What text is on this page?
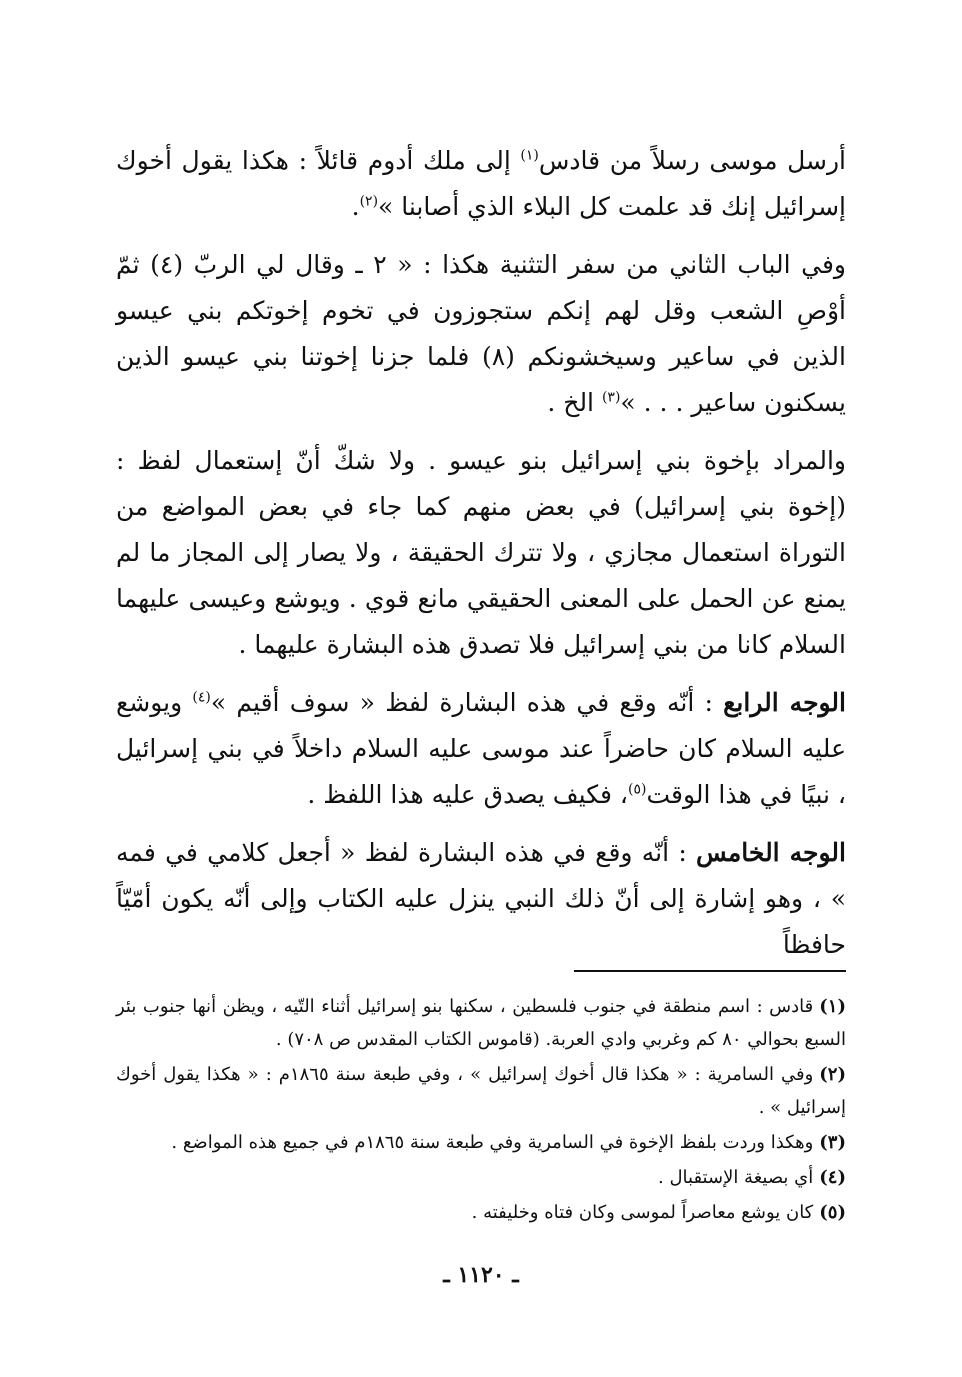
أرسل موسى رسلاً من قادس$^{(١)}$ إلى ملك أدوم قائلاً : هكذا يقول أخوك إسرائيل إنك قد علمت كل البلاء الذي أصابنا »$^{(٢)}$.

وفي الباب الثاني من سفر التثنية هكذا : « ٢ ـ وقال لي الربّ (٤) ثمّ أوْصِ الشعب وقل لهم إنكم ستجوزون في تخوم إخوتكم بني عيسو الذين في ساعير وسيخشونكم (٨) فلما جزنا إخوتنا بني عيسو الذين يسكنون ساعير . . . »$^{(٣)}$ الخ .

والمراد بإخوة بني إسرائيل بنو عيسو . ولا شكّ أنّ إستعمال لفظ : (إخوة بني إسرائيل) في بعض منهم كما جاء في بعض المواضع من التوراة استعمال مجازي ، ولا تترك الحقيقة ، ولا يصار إلى المجاز ما لم يمنع عن الحمل على المعنى الحقيقي مانع قوي . ويوشع وعيسى عليهما السلام كانا من بني إسرائيل فلا تصدق هذه البشارة عليهما .

الوجه الرابع : أنّه وقع في هذه البشارة لفظ « سوف أقيم »$^{(٤)}$ ويوشع عليه السلام كان حاضراً عند موسى عليه السلام داخلاً في بني إسرائيل ، نبيًا في هذا الوقت$^{(٥)}$، فكيف يصدق عليه هذا اللفظ .

الوجه الخامس : أنّه وقع في هذه البشارة لفظ « أجعل كلامي في فمه » ، وهو إشارة إلى أنّ ذلك النبي ينزل عليه الكتاب وإلى أنّه يكون أمّيّاً حافظاً

(١)قادس : اسم منطقة في جنوب فلسطين ، سكنها بنو إسرائيل أثناء التّيه ، ويظن أنها جنوب بئر السبع بحوالي ٨٠ كم وغربي وادي العربة. (قاموس الكتاب المقدس ص ٧٠٨) .

(٢)وفي السامرية : « هكذا قال أخوك إسرائيل » ، وفي طبعة سنة ١٨٦٥م : « هكذا يقول أخوك إسرائيل » .

(٣)وهكذا وردت بلفظ الإخوة في السامرية وفي طبعة سنة ١٨٦٥م في جميع هذه المواضع .

(٤)أي بصيغة الإستقبال .

(٥)كان يوشع معاصراً لموسى وكان فتاه وخليفته .

ـ ١١٢٠ ـ
